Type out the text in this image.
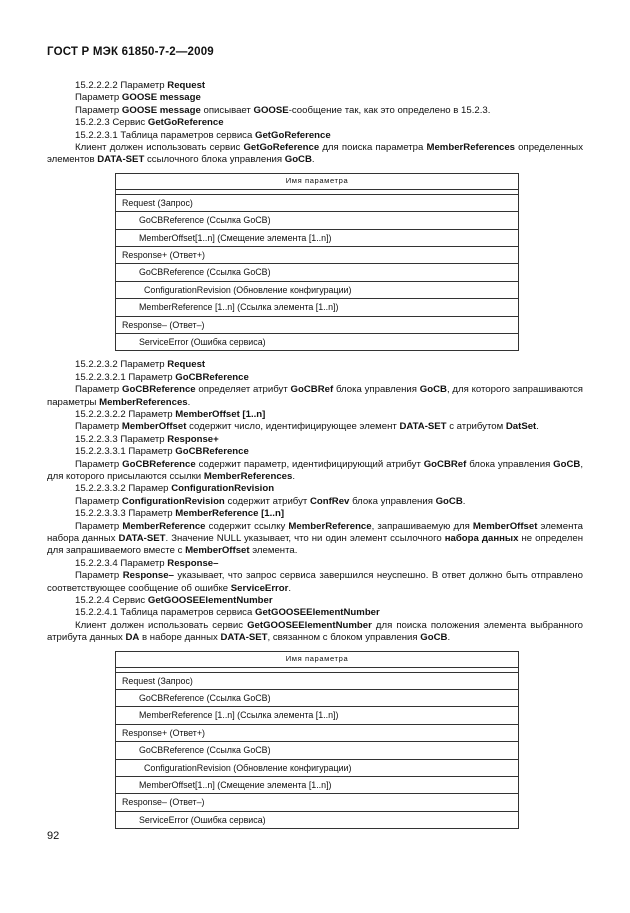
ГОСТ Р МЭК 61850-7-2—2009

15.2.2.2.2 Параметр Request

Параметр GOOSE message

Параметр GOOSE message описывает GOOSE-сообщение так, как это определено в 15.2.3.

15.2.2.3 Сервис GetGoReference

15.2.2.3.1 Таблица параметров сервиса GetGoReference

Клиент должен использовать сервис GetGoReference для поиска параметра MemberReferences определенных элементов DATA-SET ссылочного блока управления GoCB.

Имя параметра

Request (Запрос)
GoCBReference (Ссылка GoCB)
MemberOffset[1..n] (Смещение элемента [1..n])
Response+ (Ответ+)
GoCBReference (Ссылка GoCB)
ConfigurationRevision (Обновление конфигурации)
MemberReference [1..n] (Ссылка элемента [1..n])
Response– (Ответ–)
ServiceError (Ошибка сервиса)

15.2.2.3.2 Параметр Request

15.2.2.3.2.1 Параметр GoCBReference

Параметр GoCBReference определяет атрибут GoCBRef блока управления GoCB, для которого запрашиваются параметры MemberReferences.

15.2.2.3.2.2 Параметр MemberOffset [1..n]

Параметр MemberOffset содержит число, идентифицирующее элемент DATA-SET с атрибутом DatSet.

15.2.2.3.3 Параметр Response+

15.2.2.3.3.1 Параметр GoCBReference

Параметр GoCBReference содержит параметр, идентифицирующий атрибут GoCBRef блока управления GoCB, для которого присылаются ссылки MemberReferences.

15.2.2.3.3.2 Парамер ConfigurationRevision

Параметр ConfigurationRevision содержит атрибут ConfRev блока управления GoCB.

15.2.2.3.3.3 Параметр MemberReference [1..n]

Параметр MemberReference содержит ссылку MemberReference, запрашиваемую для MemberOffset элемента набора данных DATA-SET. Значение NULL указывает, что ни один элемент ссылочного набора данных не определен для запрашиваемого вместе с MemberOffset элемента.

15.2.2.3.4 Параметр Response–

Параметр Response– указывает, что запрос сервиса завершился неуспешно. В ответ должно быть отправлено соответствующее сообщение об ошибке ServiceError.

15.2.2.4 Сервис GetGOOSEElementNumber

15.2.2.4.1 Таблица параметров сервиса GetGOOSEElementNumber

Клиент должен использовать сервис GetGOOSEElementNumber для поиска положения элемента выбранного атрибута данных DA в наборе данных DATA-SET, связанном с блоком управления GoCB.

Имя параметра

Request (Запрос)
GoCBReference (Ссылка GoCB)
MemberReference [1..n] (Ссылка элемента [1..n])
Response+ (Ответ+)
GoCBReference (Ссылка GoCB)
ConfigurationRevision (Обновление конфигурации)
MemberOffset[1..n] (Смещение элемента [1..n])
Response– (Ответ–)
ServiceError (Ошибка сервиса)
92
